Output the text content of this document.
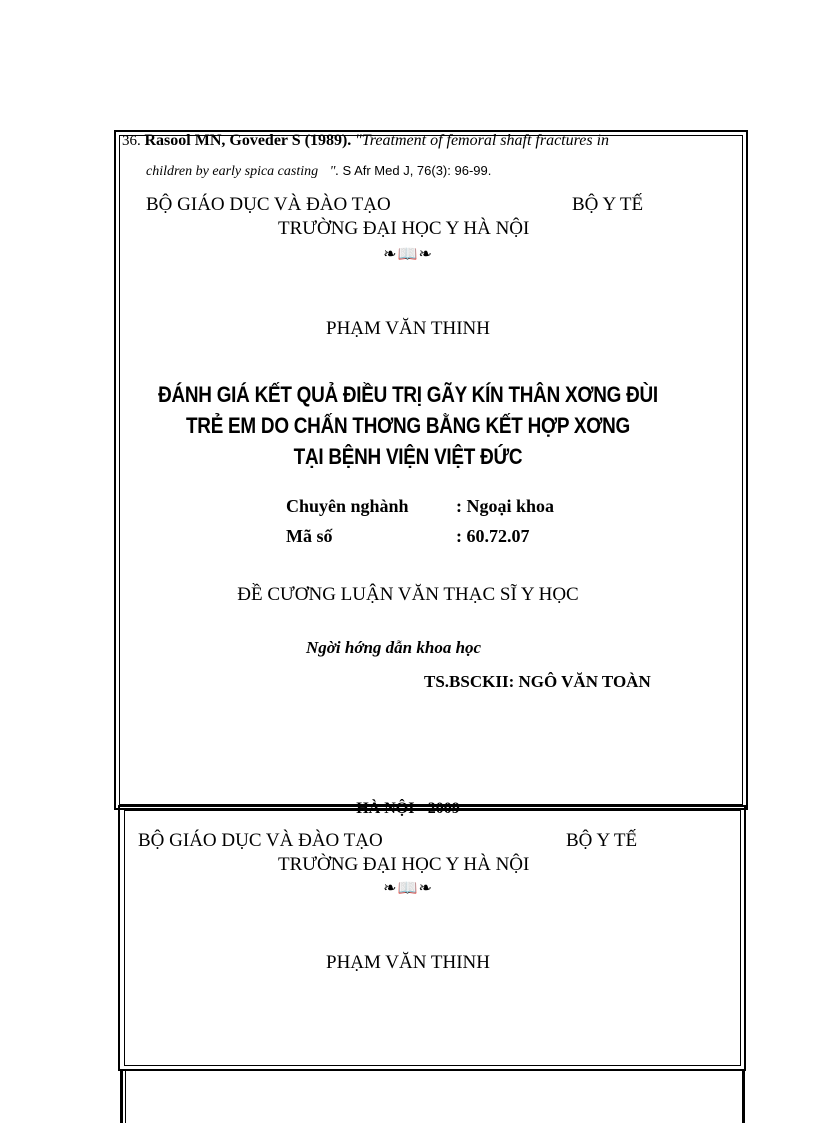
36. Rasool MN, Goveder S (1989). "Treatment of femoral shaft fractures in
children by early spica casting ". S Afr Med J, 76(3): 96-99.
BỘ GIÁO DỤC VÀ ĐÀO TẠO	BỘ Y TẾ
TRƯỜNG ĐẠI HỌC Y HÀ NỘI
❧📖❧
PHẠM VĂN THINH
ĐÁNH GIÁ KẾT QUẢ ĐIỀU TRỊ GÃY KÍN THÂN XƠNG ĐÙI
TRẺ EM DO CHẤN THƠNG BẰNG KẾT HỢP XƠNG
TẠI BỆNH VIỆN VIỆT ĐỨC
Chuyên nghành	: Ngoại khoa
Mã số	: 60.72.07
ĐỀ CƯƠNG LUẬN VĂN THẠC SĨ Y HỌC
Ngời hớng dẫn khoa học
TS.BSCKII: NGÔ VĂN TOÀN
HÀ NỘI - 2009
BỘ GIÁO DỤC VÀ ĐÀO TẠO	BỘ Y TẾ
TRƯỜNG ĐẠI HỌC Y HÀ NỘI
❧📖❧
PHẠM VĂN THINH
